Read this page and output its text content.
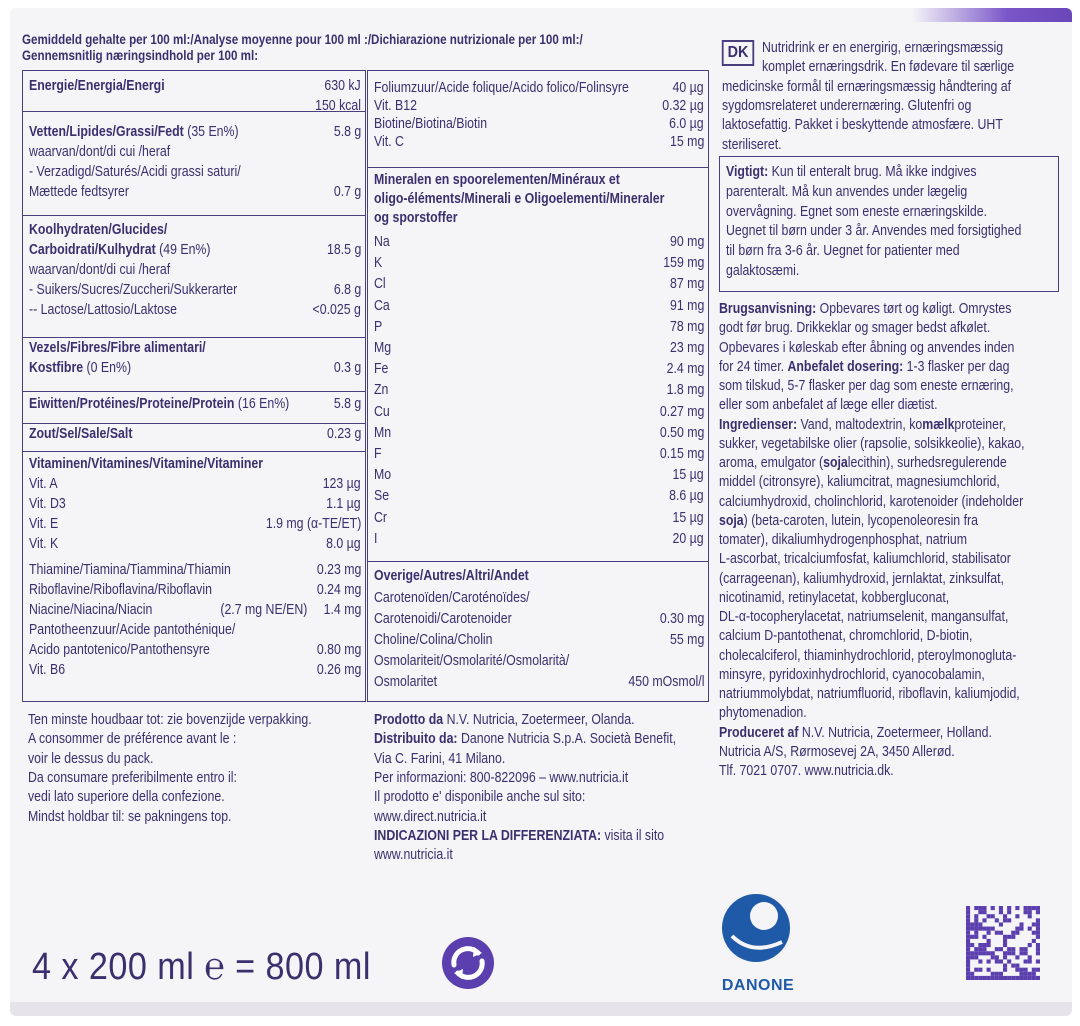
Gemiddeld gehalte per 100 ml:/Analyse moyenne pour 100 ml :/Dichiarazione nutrizionale per 100 ml:/
Gennemsnitlig næringsindhold per 100 ml:
Energie/Energia/Energi	630 kJ
150 kcal
Vetten/Lipides/Grassi/Fedt (35 En%)	5.8 g
waarvan/dont/di cui /heraf
- Verzadigd/Saturés/Acidi grassi saturi/
Mættede fedtsyrer	0.7 g
Koolhydraten/Glucides/
Carboidrati/Kulhydrat (49 En%)	18.5 g
waarvan/dont/di cui /heraf
- Suikers/Sucres/Zuccheri/Sukkerarter	6.8 g
-- Lactose/Lattosio/Laktose	<0.025 g
Vezels/Fibres/Fibre alimentari/
Kostfibre (0 En%)	0.3 g
Eiwitten/Protéines/Proteine/Protein (16 En%)	5.8 g
Zout/Sel/Sale/Salt	0.23 g
Vitaminen/Vitamines/Vitamine/Vitaminer
Vit. A	123 µg
Vit. D3	1.1 µg
Vit. E	1.9 mg (α-TE/ET)
Vit. K	8.0 µg
Thiamine/Tiamina/Tiammina/Thiamin	0.23 mg
Riboflavine/Riboflavina/Riboflavin	0.24 mg
Niacine/Niacina/Niacin	(2.7 mg NE/EN) 1.4 mg
Pantotheenzuur/Acide pantothénique/
Acido pantotenico/Pantothensyre	0.80 mg
Vit. B6	0.26 mg
Foliumzuur/Acide folique/Acido folico/Folinsyre	40 µg
Vit. B12	0.32 µg
Biotine/Biotina/Biotin	6.0 µg
Vit. C	15 mg
Mineralen en spoorelementen/Minéraux et
oligo-éléments/Minerali e Oligoelementi/Mineraler
og sporstoffer
Na	90 mg
K	159 mg
Cl	87 mg
Ca	91 mg
P	78 mg
Mg	23 mg
Fe	2.4 mg
Zn	1.8 mg
Cu	0.27 mg
Mn	0.50 mg
F	0.15 mg
Mo	15 µg
Se	8.6 µg
Cr	15 µg
I	20 µg
Overige/Autres/Altri/Andet
Carotenoïden/Caroténoïdes/
Carotenoidi/Carotenoider	0.30 mg
Choline/Colina/Cholin	55 mg
Osmolariteit/Osmolarité/Osmolarità/
Osmolaritet	450 mOsmol/l
DK Nutridrink er en energirig, ernæringsmæssig
komplet ernæringsdrik. En fødevare til særlige
medicinske formål til ernæringsmæssig håndtering af
sygdomsrelateret underernæring. Glutenfri og
laktosefattig. Pakket i beskyttende atmosfære. UHT
steriliseret.
Vigtigt: Kun til enteralt brug. Må ikke indgives
parenteralt. Må kun anvendes under lægelig
overvågning. Egnet som eneste ernæringskilde.
Uegnet til børn under 3 år. Anvendes med forsigtighed
til børn fra 3-6 år. Uegnet for patienter med
galaktosæmi.
Brugsanvisning: Opbevares tørt og køligt. Omrystes
godt før brug. Drikkeklar og smager bedst afkølet.
Opbevares i køleskab efter åbning og anvendes inden
for 24 timer. Anbefalet dosering: 1-3 flasker per dag
som tilskud, 5-7 flasker per dag som eneste ernæring,
eller som anbefalet af læge eller diætist.
Ingredienser: Vand, maltodextrin, komælkproteiner,
sukker, vegetabilske olier (rapsolie, solsikkeolie), kakao,
aroma, emulgator (sojalecithin), surhedsregulerende
middel (citronsyre), kaliumcitrat, magnesiumchlorid,
calciumhydroxid, cholinchlorid, karotenoider (indeholder
soja) (beta-caroten, lutein, lycopenoleoresin fra
tomater), dikaliumhydrogenphosphat, natrium
L-ascorbat, tricalciumfosfat, kaliumchlorid, stabilisator
(carrageenan), kaliumhydroxid, jernlaktat, zinksulfat,
nicotinamid, retinylacetat, kobbergluconat,
DL-α-tocopherylacetat, natriumselenit, mangansulfat,
calcium D-pantothenat, chromchlorid, D-biotin,
cholecalciferol, thiaminhydrochlorid, pteroylmonogluta-
minsyre, pyridoxinhydrochlorid, cyanocobalamin,
natriummolybdat, natriumfluorid, riboflavin, kaliumjodid,
phytomenadion.
Produceret af N.V. Nutricia, Zoetermeer, Holland.
Nutricia A/S, Rørmosevej 2A, 3450 Allerød.
Tlf. 7021 0707. www.nutricia.dk.
Ten minste houdbaar tot: zie bovenzijde verpakking.
A consommer de préférence avant le :
voir le dessus du pack.
Da consumare preferibilmente entro il:
vedi lato superiore della confezione.
Mindst holdbar til: se pakningens top.
Prodotto da N.V. Nutricia, Zoetermeer, Olanda.
Distribuito da: Danone Nutricia S.p.A. Società Benefit,
Via C. Farini, 41 Milano.
Per informazioni: 800-822096 – www.nutricia.it
Il prodotto e' disponibile anche sul sito:
www.direct.nutricia.it
INDICAZIONI PER LA DIFFERENZIATA: visita il sito
www.nutricia.it
4 x 200 ml ℮ = 800 ml	DANONE
